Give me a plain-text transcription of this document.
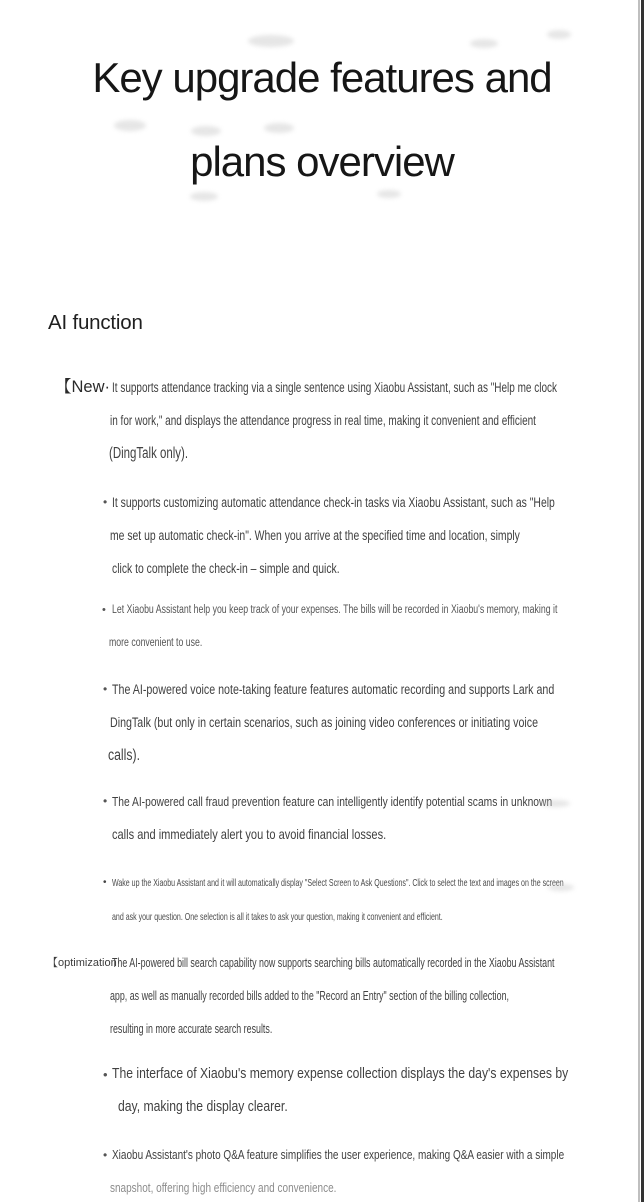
Key upgrade features and
plans overview
AI function
【New· It supports attendance tracking via a single sentence using Xiaobu Assistant, such as "Help me clock
in for work," and displays the attendance progress in real time, making it convenient and efficient
(DingTalk only).
• It supports customizing automatic attendance check-in tasks via Xiaobu Assistant, such as "Help
me set up automatic check-in". When you arrive at the specified time and location, simply
click to complete the check-in – simple and quick.
• Let Xiaobu Assistant help you keep track of your expenses. The bills will be recorded in Xiaobu's memory, making it
more convenient to use.
• The AI-powered voice note-taking feature features automatic recording and supports Lark and
DingTalk (but only in certain scenarios, such as joining video conferences or initiating voice
calls).
• The AI-powered call fraud prevention feature can intelligently identify potential scams in unknown
calls and immediately alert you to avoid financial losses.
• Wake up the Xiaobu Assistant and it will automatically display "Select Screen to Ask Questions". Click to select the text and images on the screen
and ask your question. One selection is all it takes to ask your question, making it convenient and efficient.
【optimization·
The AI-powered bill search capability now supports searching bills automatically recorded in the Xiaobu Assistant
app, as well as manually recorded bills added to the "Record an Entry" section of the billing collection,
resulting in more accurate search results.
• The interface of Xiaobu's memory expense collection displays the day's expenses by
day, making the display clearer.
• Xiaobu Assistant's photo Q&A feature simplifies the user experience, making Q&A easier with a simple
snapshot, offering high efficiency and convenience.
